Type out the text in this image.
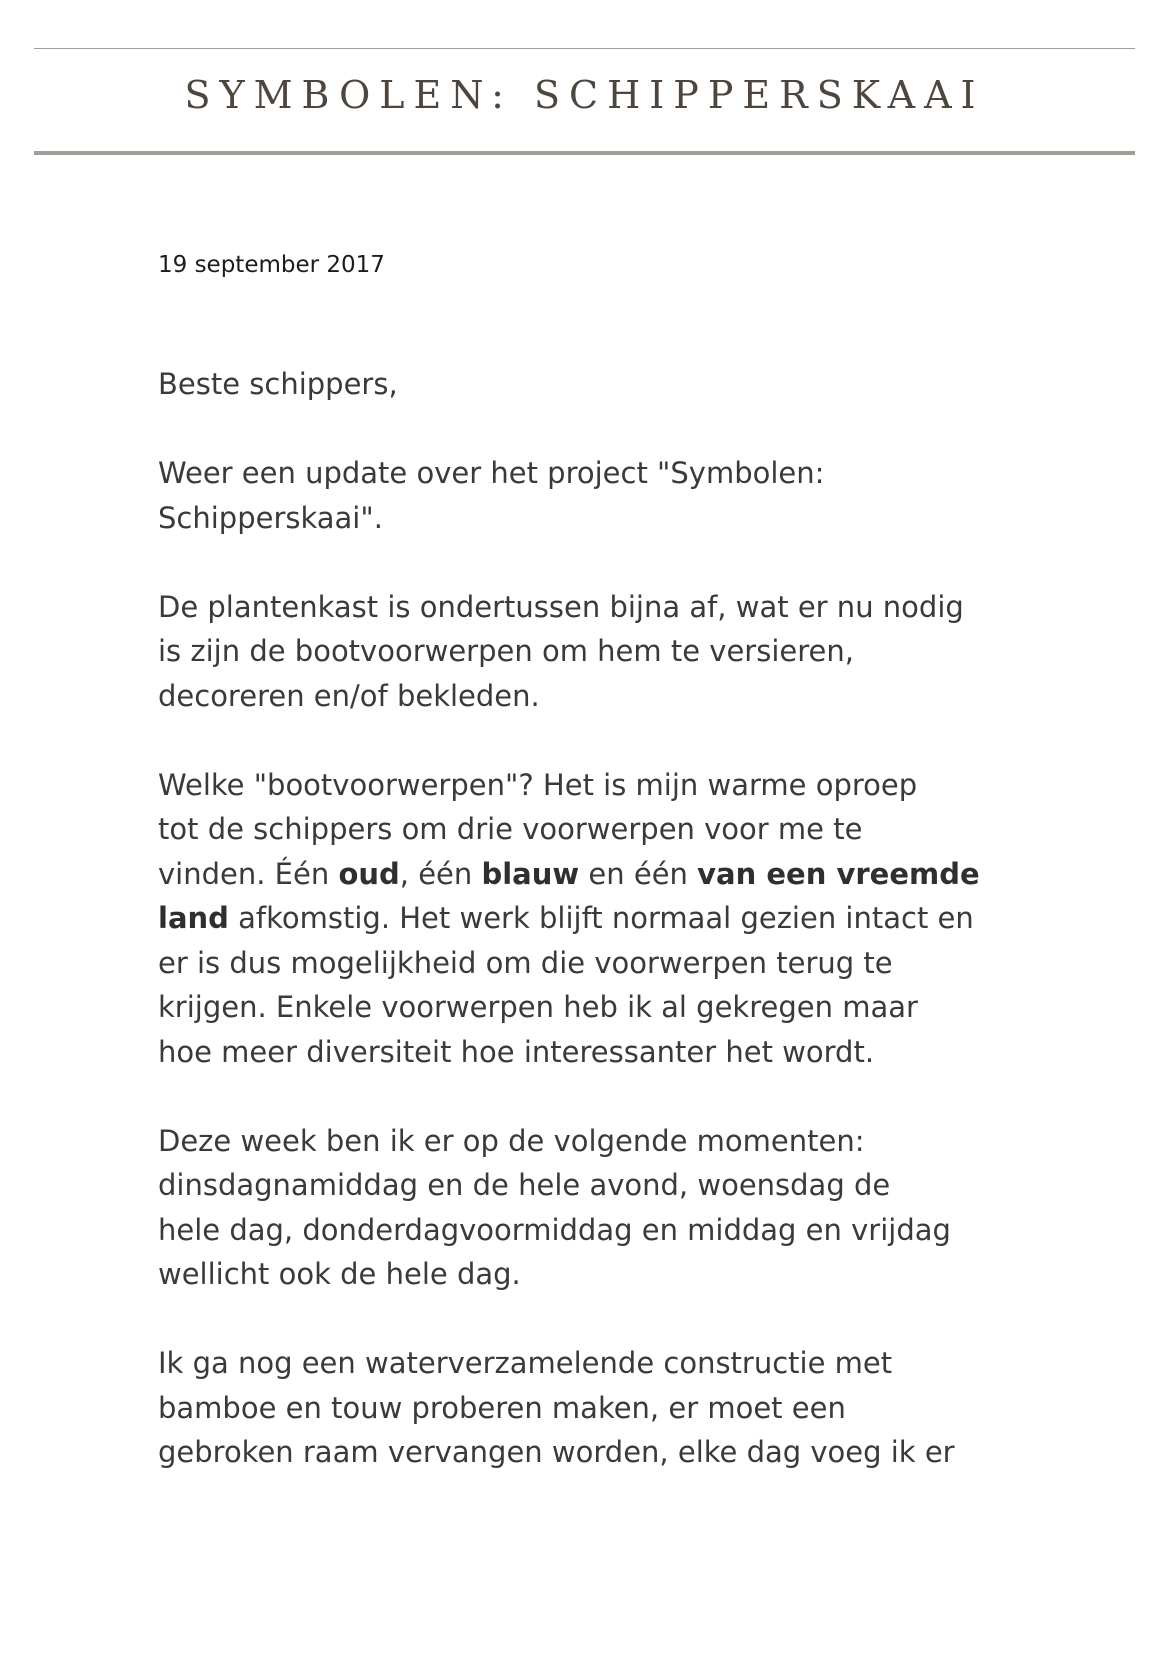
SYMBOLEN: SCHIPPERSKAAI
19 september 2017

Beste schippers,

Weer een update over het project "Symbolen:
Schipperskaai".

De plantenkast is ondertussen bijna af, wat er nu nodig
is zijn de bootvoorwerpen om hem te versieren,
decoreren en/of bekleden.

Welke "bootvoorwerpen"? Het is mijn warme oproep
tot de schippers om drie voorwerpen voor me te
vinden. Één oud, één blauw en één van een vreemde
land afkomstig. Het werk blijft normaal gezien intact en
er is dus mogelijkheid om die voorwerpen terug te
krijgen. Enkele voorwerpen heb ik al gekregen maar
hoe meer diversiteit hoe interessanter het wordt.

Deze week ben ik er op de volgende momenten:
dinsdagnamiddag en de hele avond, woensdag de
hele dag, donderdagvoormiddag en middag en vrijdag
wellicht ook de hele dag.

Ik ga nog een waterverzamelende constructie met
bamboe en touw proberen maken, er moet een
gebroken raam vervangen worden, elke dag voeg ik er
